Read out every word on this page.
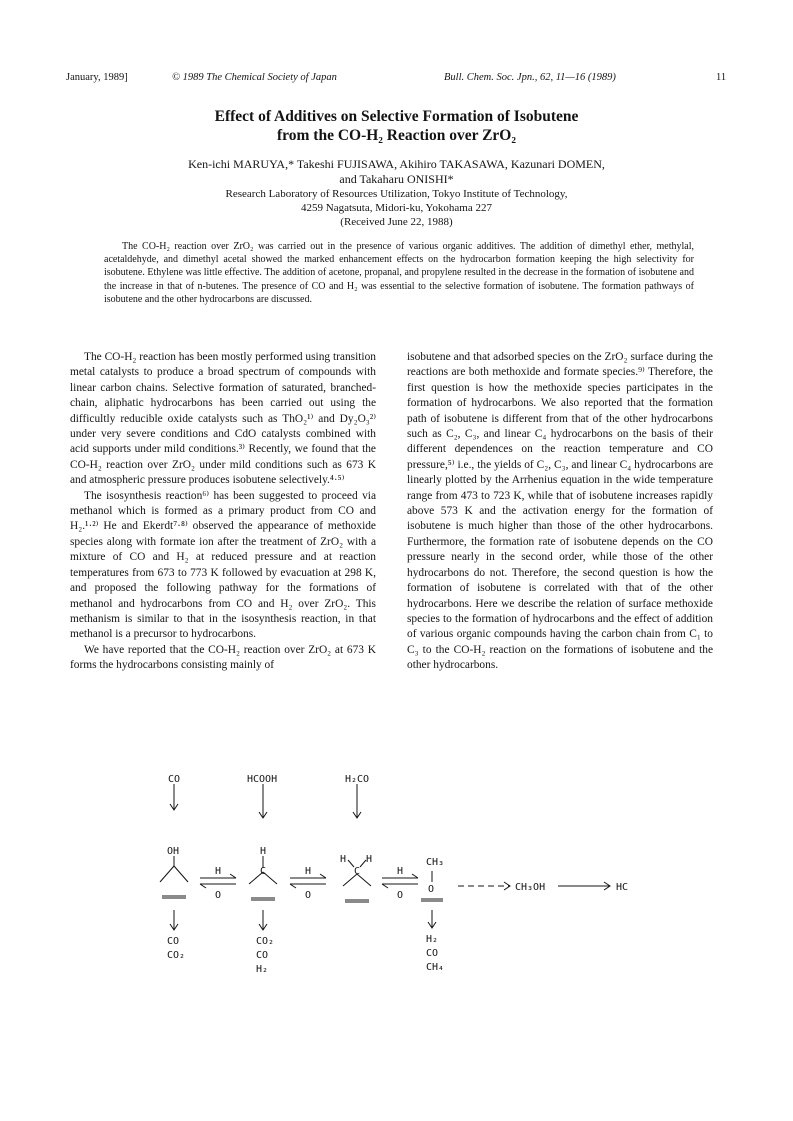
January, 1989]	© 1989 The Chemical Society of Japan	Bull. Chem. Soc. Jpn., 62, 11—16 (1989)	11
Effect of Additives on Selective Formation of Isobutene
from the CO-H₂ Reaction over ZrO₂
Ken-ichi MARUYA,* Takeshi FUJISAWA, Akihiro TAKASAWA, Kazunari DOMEN,
and Takaharu ONISHI*
Research Laboratory of Resources Utilization, Tokyo Institute of Technology,
4259 Nagatsuta, Midori-ku, Yokohama 227
(Received June 22, 1988)
The CO-H₂ reaction over ZrO₂ was carried out in the presence of various organic additives. The addition of dimethyl ether, methylal, acetaldehyde, and dimethyl acetal showed the marked enhancement effects on the hydrocarbon formation keeping the high selectivity for isobutene. Ethylene was little effective. The addition of acetone, propanal, and propylene resulted in the decrease in the formation of isobutene and the increase in that of n-butenes. The presence of CO and H₂ was essential to the selective formation of isobutene. The formation pathways of isobutene and the other hydrocarbons are discussed.

The CO-H₂ reaction has been mostly performed using transition metal catalysts to produce a broad spectrum of compounds with linear carbon chains. Selective formation of saturated, branched-chain, aliphatic hydrocarbons has been carried out using the difficultly reducible oxide catalysts such as ThO₂¹⁾ and Dy₂O₃²⁾ under very severe conditions and CdO catalysts combined with acid supports under mild conditions.³⁾ Recently, we found that the CO-H₂ reaction over ZrO₂ under mild conditions such as 673 K and atmospheric pressure produces isobutene selectively.⁴·⁵⁾

The isosynthesis reaction⁶⁾ has been suggested to proceed via methanol which is formed as a primary product from CO and H₂.¹·²⁾ He and Ekerdt⁷·⁸⁾ observed the appearance of methoxide species along with formate ion after the treatment of ZrO₂ with a mixture of CO and H₂ at reduced pressure and at reaction temperatures from 673 to 773 K followed by evacuation at 298 K, and proposed the following pathway for the formations of methanol and hydrocarbons from CO and H₂ over ZrO₂. This methanism is similar to that in the isosynthesis reaction, in that methanol is a precursor to hydrocarbons.

We have reported that the CO-H₂ reaction over ZrO₂ at 673 K forms the hydrocarbons consisting mainly of

isobutene and that adsorbed species on the ZrO₂ surface during the reactions are both methoxide and formate species.⁹⁾ Therefore, the first question is how the methoxide species participates in the formation of hydrocarbons. We also reported that the formation path of isobutene is different from that of the other hydrocarbons such as C₂, C₃, and linear C₄ hydrocarbons on the basis of their different dependences on the reaction temperature and CO pressure,⁵⁾ i.e., the yields of C₂, C₃, and linear C₄ hydrocarbons are linearly plotted by the Arrhenius equation in the wide temperature range from 473 to 723 K, while that of isobutene increases rapidly above 573 K and the activation energy for the formation of isobutene is much higher than those of the other hydrocarbons. Furthermore, the formation rate of isobutene depends on the CO pressure nearly in the second order, while those of the other hydrocarbons do not. Therefore, the second question is how the formation of isobutene is correlated with that of the other hydrocarbons. Here we describe the relation of surface methoxide species to the formation of hydrocarbons and the effect of addition of various organic compounds having the carbon chain from C₁ to C₃ to the CO-H₂ reaction on the formations of isobutene and the other hydrocarbons.

CO	HCOOH	H₂CO
OH	H
C
H H
C
CH₃
O
H
O
H
O
H
O
CH₃OH	HC
CO
CO₂
CO₂
CO
H₂
H₂
CO
CH₄
